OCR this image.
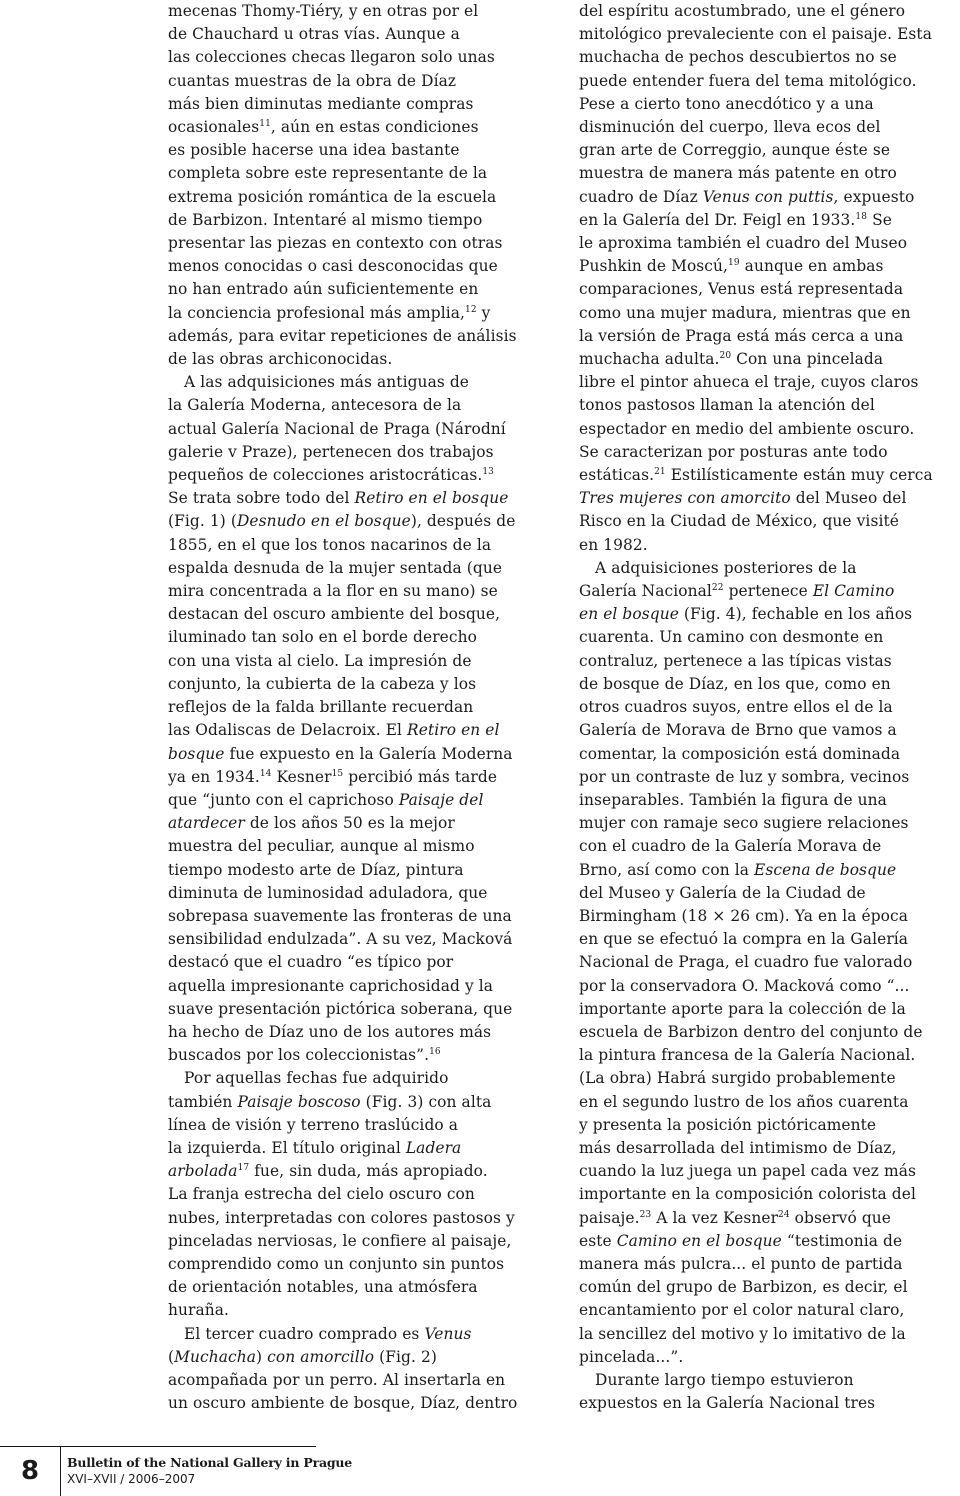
mecenas Thomy-Tiéry, y en otras por el
de Chauchard u otras vías. Aunque a
las colecciones checas llegaron solo unas
cuantas muestras de la obra de Díaz
más bien diminutas mediante compras
ocasionales$^{11}$, aún en estas condiciones
es posible hacerse una idea bastante
completa sobre este representante de la
extrema posición romántica de la escuela
de Barbizon. Intentaré al mismo tiempo
presentar las piezas en contexto con otras
menos conocidas o casi desconocidas que
no han entrado aún suficientemente en
la conciencia profesional más amplia,$^{12}$ y
además, para evitar repeticiones de análisis
de las obras archiconocidas.

A las adquisiciones más antiguas de
la Galería Moderna, antecesora de la
actual Galería Nacional de Praga (Národní
galerie v Praze), pertenecen dos trabajos
pequeños de colecciones aristocráticas.$^{13}$
Se trata sobre todo del Retiro en el bosque
(Fig. 1) (Desnudo en el bosque), después de
1855, en el que los tonos nacarinos de la
espalda desnuda de la mujer sentada (que
mira concentrada a la flor en su mano) se
destacan del oscuro ambiente del bosque,
iluminado tan solo en el borde derecho
con una vista al cielo. La impresión de
conjunto, la cubierta de la cabeza y los
reflejos de la falda brillante recuerdan
las Odaliscas de Delacroix. El Retiro en el
bosque fue expuesto en la Galería Moderna
ya en 1934.14 Kesner$^{15}$ percibió más tarde
que “junto con el caprichoso Paisaje del
atardecer de los años 50 es la mejor
muestra del peculiar, aunque al mismo
tiempo modesto arte de Díaz, pintura
diminuta de luminosidad aduladora, que
sobrepasa suavemente las fronteras de una
sensibilidad endulzada”. A su vez, Macková
destacó que el cuadro “es típico por
aquella impresionante caprichosidad y la
suave presentación pictórica soberana, que
ha hecho de Díaz uno de los autores más
buscados por los coleccionistas”.$^{16}$

Por aquellas fechas fue adquirido
también Paisaje boscoso (Fig. 3) con alta
línea de visión y terreno traslúcido a
la izquierda. El título original Ladera
arbolada$^{17}$ fue, sin duda, más apropiado.
La franja estrecha del cielo oscuro con
nubes, interpretadas con colores pastosos y
pinceladas nerviosas, le confiere al paisaje,
comprendido como un conjunto sin puntos
de orientación notables, una atmósfera
huraña.

El tercer cuadro comprado es Venus
(Muchacha) con amorcillo (Fig. 2)
acompañada por un perro. Al insertarla en
un oscuro ambiente de bosque, Díaz, dentro

del espíritu acostumbrado, une el género
mitológico prevaleciente con el paisaje. Esta
muchacha de pechos descubiertos no se
puede entender fuera del tema mitológico.
Pese a cierto tono anecdótico y a una
disminución del cuerpo, lleva ecos del
gran arte de Correggio, aunque éste se
muestra de manera más patente en otro
cuadro de Díaz Venus con puttis, expuesto
en la Galería del Dr. Feigl en 1933.18 Se
le aproxima también el cuadro del Museo
Pushkin de Moscú,$^{19}$ aunque en ambas
comparaciones, Venus está representada
como una mujer madura, mientras que en
la versión de Praga está más cerca a una
muchacha adulta.$^{20}$ Con una pincelada
libre el pintor ahueca el traje, cuyos claros
tonos pastosos llaman la atención del
espectador en medio del ambiente oscuro.
Se caracterizan por posturas ante todo
estáticas.$^{21}$ Estilísticamente están muy cerca
Tres mujeres con amorcito del Museo del
Risco en la Ciudad de México, que visité
en 1982.

A adquisiciones posteriores de la
Galería Nacional$^{22}$ pertenece El Camino
en el bosque (Fig. 4), fechable en los años
cuarenta. Un camino con desmonte en
contraluz, pertenece a las típicas vistas
de bosque de Díaz, en los que, como en
otros cuadros suyos, entre ellos el de la
Galería de Morava de Brno que vamos a
comentar, la composición está dominada
por un contraste de luz y sombra, vecinos
inseparables. También la figura de una
mujer con ramaje seco sugiere relaciones
con el cuadro de la Galería Morava de
Brno, así como con la Escena de bosque
del Museo y Galería de la Ciudad de
Birmingham (18 × 26 cm). Ya en la época
en que se efectuó la compra en la Galería
Nacional de Praga, el cuadro fue valorado
por la conservadora O. Macková como “...
importante aporte para la colección de la
escuela de Barbizon dentro del conjunto de
la pintura francesa de la Galería Nacional.
(La obra) Habrá surgido probablemente
en el segundo lustro de los años cuarenta
y presenta la posición pictóricamente
más desarrollada del intimismo de Díaz,
cuando la luz juega un papel cada vez más
importante en la composición colorista del
paisaje.$^{23}$ A la vez Kesner$^{24}$ observó que
este Camino en el bosque “testimonia de
manera más pulcra... el punto de partida
común del grupo de Barbizon, es decir, el
encantamiento por el color natural claro,
la sencillez del motivo y lo imitativo de la
pincelada...”.

Durante largo tiempo estuvieron
expuestos en la Galería Nacional tres

8	Bulletin of the National Gallery in Prague
XVI–XVII / 2006–2007
